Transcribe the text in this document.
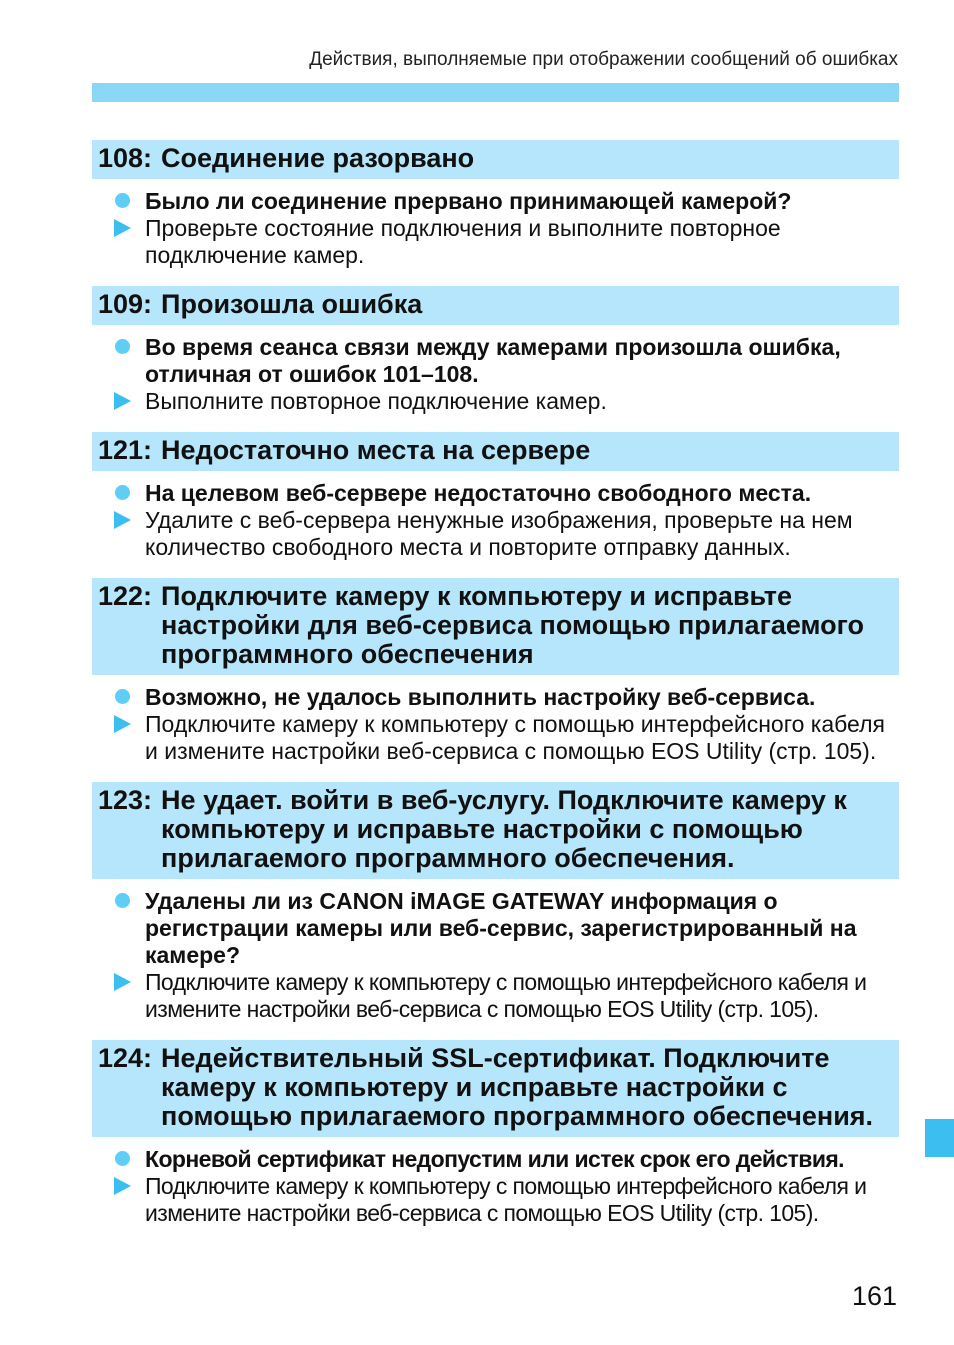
Действия, выполняемые при отображении сообщений об ошибках
108: Соединение разорвано
Было ли соединение прервано принимающей камерой?
Проверьте состояние подключения и выполните повторное подключение камер.
109: Произошла ошибка
Во время сеанса связи между камерами произошла ошибка, отличная от ошибок 101–108.
Выполните повторное подключение камер.
121: Недостаточно места на сервере
На целевом веб-сервере недостаточно свободного места.
Удалите с веб-сервера ненужные изображения, проверьте на нем количество свободного места и повторите отправку данных.
122: Подключите камеру к компьютеру и исправьте настройки для веб-сервиса помощью прилагаемого программного обеспечения
Возможно, не удалось выполнить настройку веб-сервиса.
Подключите камеру к компьютеру с помощью интерфейсного кабеля и измените настройки веб-сервиса с помощью EOS Utility (стр. 105).
123: Не удает. войти в веб-услугу. Подключите камеру к компьютеру и исправьте настройки с помощью прилагаемого программного обеспечения.
Удалены ли из CANON iMAGE GATEWAY информация о регистрации камеры или веб-сервис, зарегистрированный на камере?
Подключите камеру к компьютеру с помощью интерфейсного кабеля и измените настройки веб-сервиса с помощью EOS Utility (стр. 105).
124: Недействительный SSL-сертификат. Подключите камеру к компьютеру и исправьте настройки с помощью прилагаемого программного обеспечения.
Корневой сертификат недопустим или истек срок его действия.
Подключите камеру к компьютеру с помощью интерфейсного кабеля и измените настройки веб-сервиса с помощью EOS Utility (стр. 105).
161
